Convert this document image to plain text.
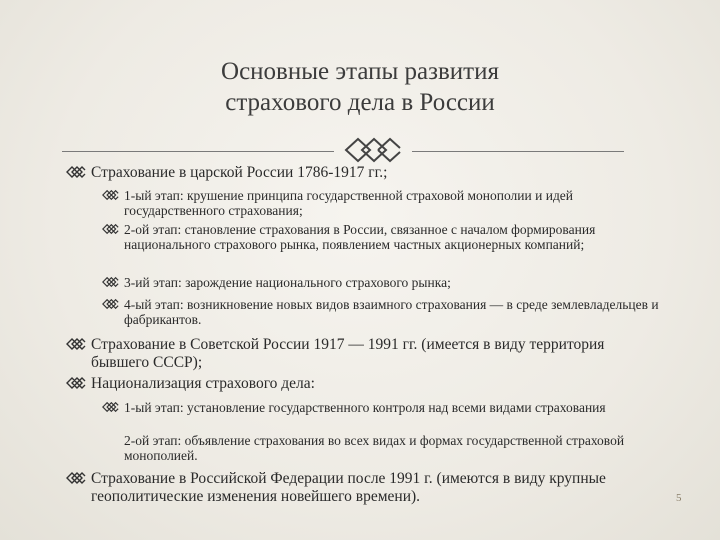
Основные этапы развития
страхового дела в России

Страхование в царской России 1786-1917 гг.;

1-ый этап: крушение принципа государственной страховой монополии и идей государственного страхования;

2-ой этап: становление страхования в России, связанное с началом формирования национального страхового рынка, появлением частных акционерных компаний;

3-ий этап: зарождение национального страхового рынка;

4-ый этап: возникновение новых видов взаимного страхования — в среде землевладельцев и фабрикантов.

Страхование в Советской России 1917 — 1991 гг. (имеется в виду территория бывшего СССР);

Национализация страхового дела:

1-ый этап: установление государственного контроля над всеми видами страхования

2-ой этап: объявление страхования во всех видах и формах государственной страховой монополией.

Страхование в Российской Федерации после 1991 г. (имеются в виду крупные геополитические изменения новейшего времени).	5
